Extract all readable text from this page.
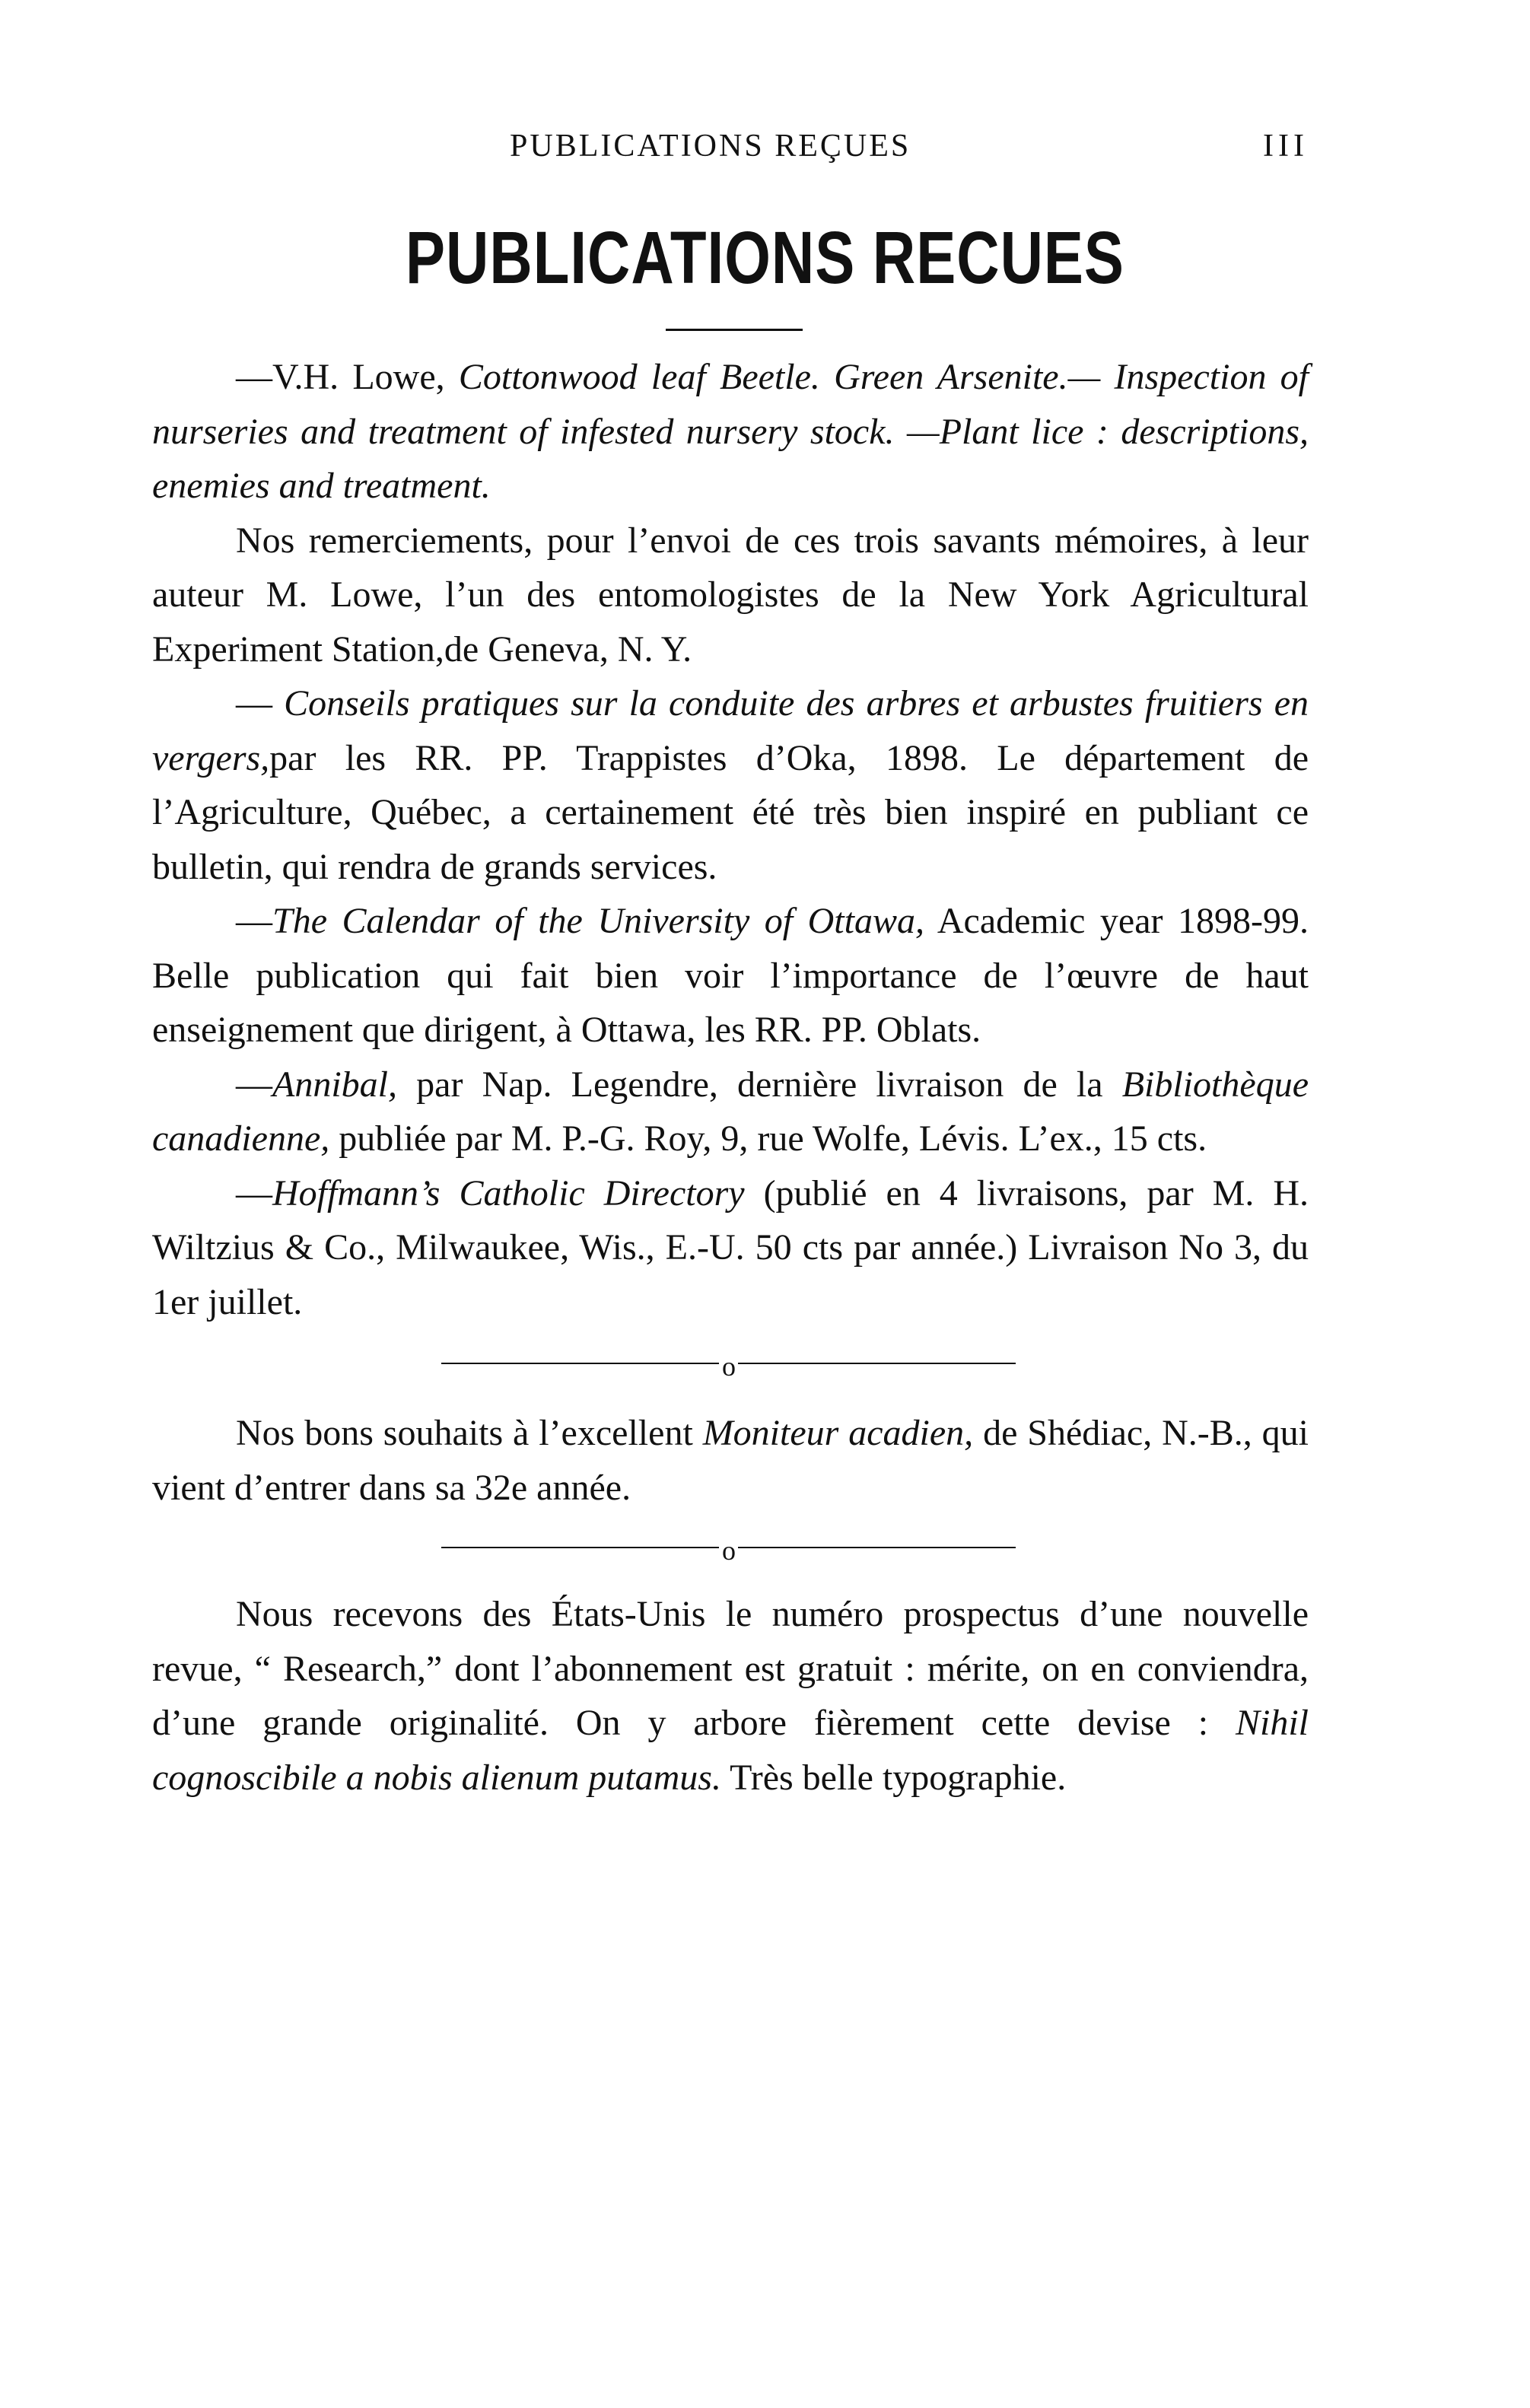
PUBLICATIONS REÇUES	III
PUBLICATIONS RECUES

—V.H. Lowe, Cottonwood leaf Beetle. Green Arsenite.— Inspection of nurseries and treatment of infested nursery stock. —Plant lice : descriptions, enemies and treatment.

Nos remerciements, pour l’envoi de ces trois savants mémoires, à leur auteur M. Lowe, l’un des entomologistes de la New York Agricultural Experiment Station,de Geneva, N. Y.

— Conseils pratiques sur la conduite des arbres et arbustes fruitiers en vergers,par les RR. PP. Trappistes d’Oka, 1898. Le département de l’Agriculture, Québec, a certainement été très bien inspiré en publiant ce bulletin, qui rendra de grands services.

—The Calendar of the University of Ottawa, Academic year 1898-99. Belle publication qui fait bien voir l’importance de l’œuvre de haut enseignement que dirigent, à Ottawa, les RR. PP. Oblats.

—Annibal, par Nap. Legendre, dernière livraison de la Bibliothèque canadienne, publiée par M. P.-G. Roy, 9, rue Wolfe, Lévis. L’ex., 15 cts.

—Hoffmann’s Catholic Directory (publié en 4 livraisons, par M. H. Wiltzius & Co., Milwaukee, Wis., E.-U. 50 cts par année.) Livraison No 3, du 1er juillet.

o

Nos bons souhaits à l’excellent Moniteur acadien, de Shédiac, N.-B., qui vient d’entrer dans sa 32e année.

o

Nous recevons des États-Unis le numéro prospectus d’une nouvelle revue, “ Research,” dont l’abonnement est gratuit : mérite, on en conviendra, d’une grande originalité. On y arbore fièrement cette devise : Nihil cognoscibile a nobis alienum putamus. Très belle typographie.
